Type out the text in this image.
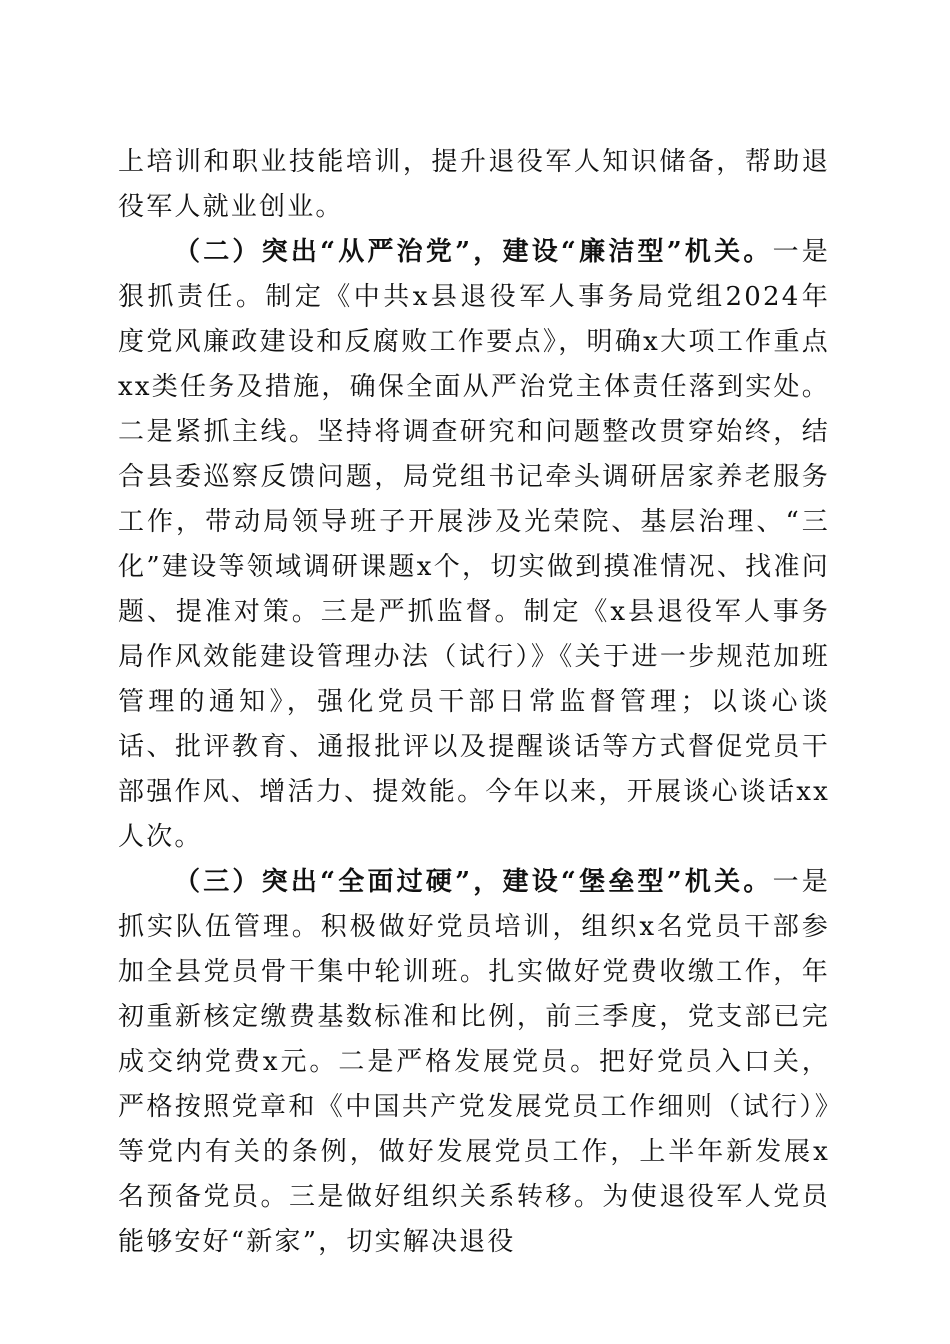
上培训和职业技能培训，提升退役军人知识储备，帮助退役军人就业创业。

（二）突出“从严治党”，建设“廉洁型”机关。一是狠抓责任。制定《中共x县退役军人事务局党组2024年度党风廉政建设和反腐败工作要点》，明确x大项工作重点xx类任务及措施，确保全面从严治党主体责任落到实处。二是紧抓主线。坚持将调查研究和问题整改贯穿始终，结合县委巡察反馈问题，局党组书记牵头调研居家养老服务工作，带动局领导班子开展涉及光荣院、基层治理、“三化”建设等领域调研课题x个，切实做到摸准情况、找准问题、提准对策。三是严抓监督。制定《x县退役军人事务局作风效能建设管理办法（试行）》《关于进一步规范加班管理的通知》，强化党员干部日常监督管理；以谈心谈话、批评教育、通报批评以及提醒谈话等方式督促党员干部强作风、增活力、提效能。今年以来，开展谈心谈话xx人次。

（三）突出“全面过硬”，建设“堡垒型”机关。一是抓实队伍管理。积极做好党员培训，组织x名党员干部参加全县党员骨干集中轮训班。扎实做好党费收缴工作，年初重新核定缴费基数标准和比例，前三季度，党支部已完成交纳党费x元。二是严格发展党员。把好党员入口关，严格按照党章和《中国共产党发展党员工作细则（试行）》等党内有关的条例，做好发展党员工作，上半年新发展x名预备党员。三是做好组织关系转移。为使退役军人党员能够安好“新家”，切实解决退役
